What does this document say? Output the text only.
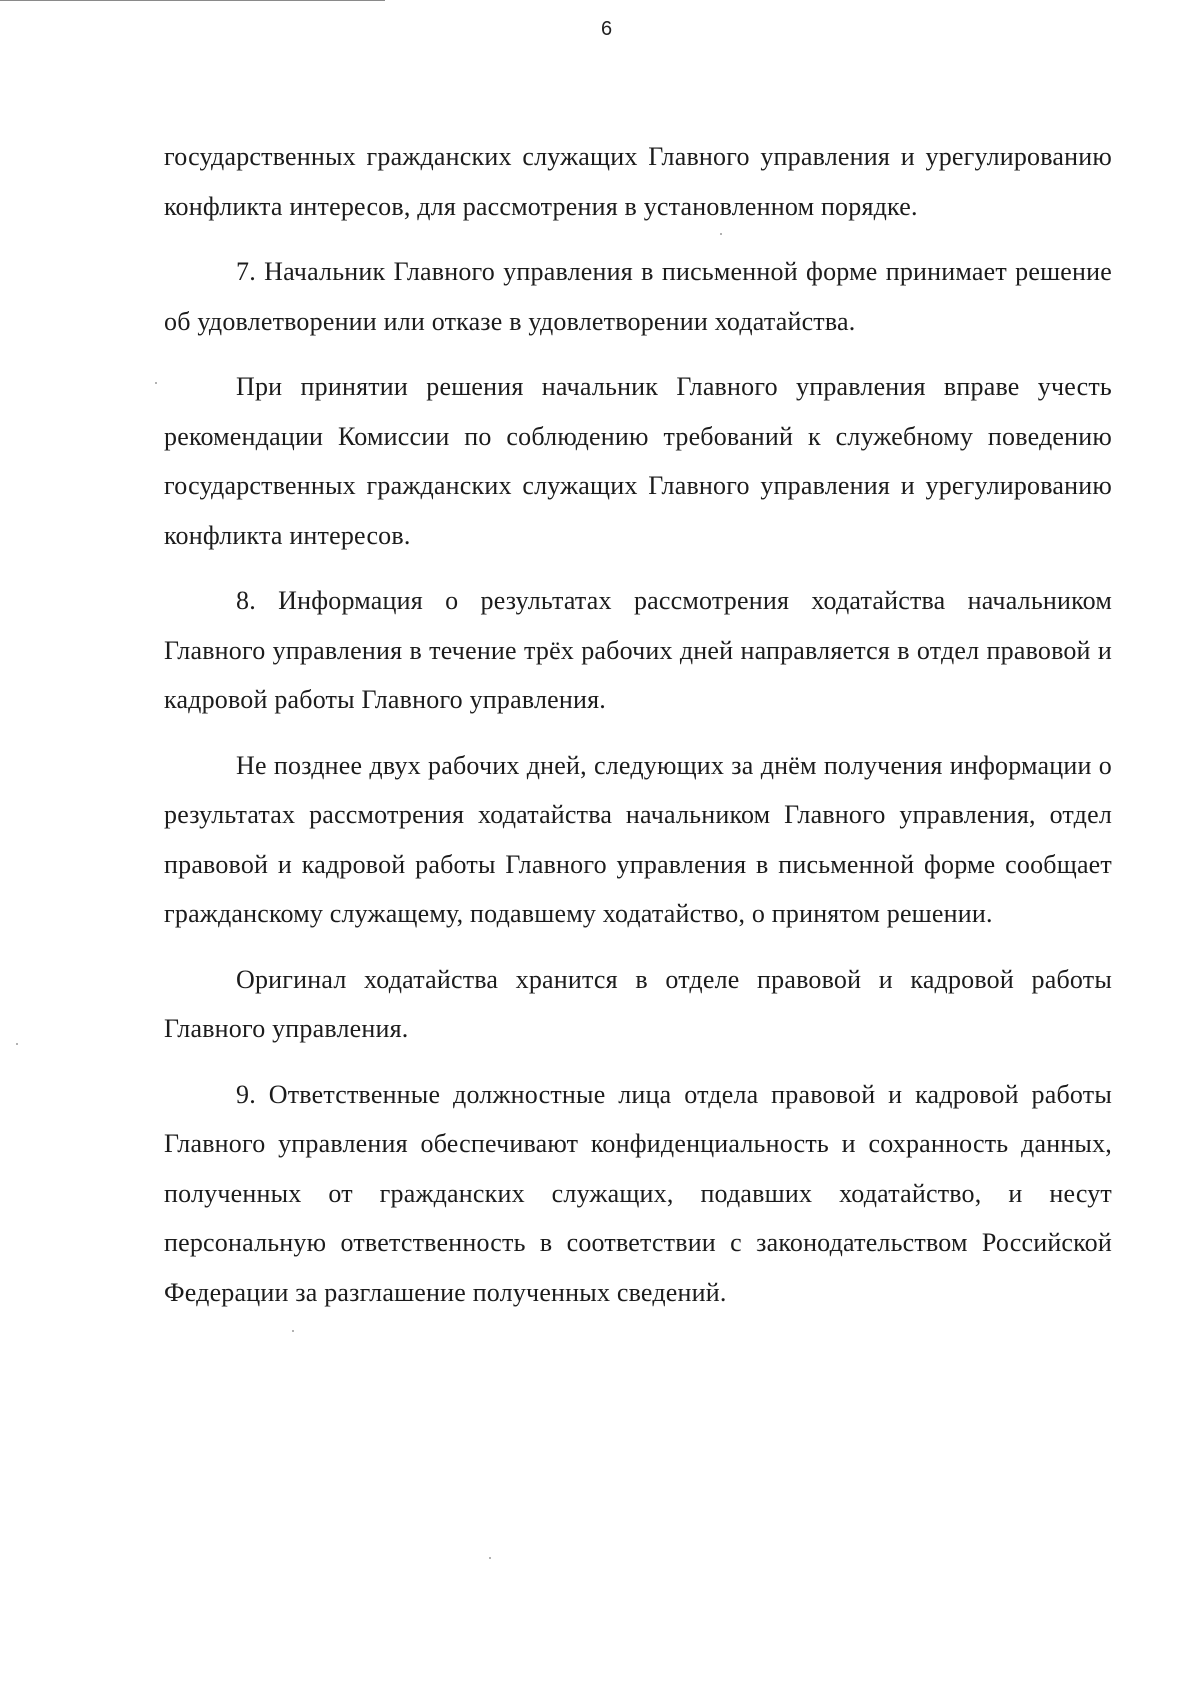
6

государственных гражданских служащих Главного управления и урегулированию конфликта интересов, для рассмотрения в установленном порядке.

7. Начальник Главного управления в письменной форме принимает решение об удовлетворении или отказе в удовлетворении ходатайства.

При принятии решения начальник Главного управления вправе учесть рекомендации Комиссии по соблюдению требований к служебному поведению государственных гражданских служащих Главного управления и урегулированию конфликта интересов.

8. Информация о результатах рассмотрения ходатайства начальником Главного управления в течение трёх рабочих дней направляется в отдел правовой и кадровой работы Главного управления.

Не позднее двух рабочих дней, следующих за днём получения информации о результатах рассмотрения ходатайства начальником Главного управления, отдел правовой и кадровой работы Главного управления в письменной форме сообщает гражданскому служащему, подавшему ходатайство, о принятом решении.

Оригинал ходатайства хранится в отделе правовой и кадровой работы Главного управления.

9. Ответственные должностные лица отдела правовой и кадровой работы Главного управления обеспечивают конфиденциальность и сохранность данных, полученных от гражданских служащих, подавших ходатайство, и несут персональную ответственность в соответствии с законодательством Российской Федерации за разглашение полученных сведений.
